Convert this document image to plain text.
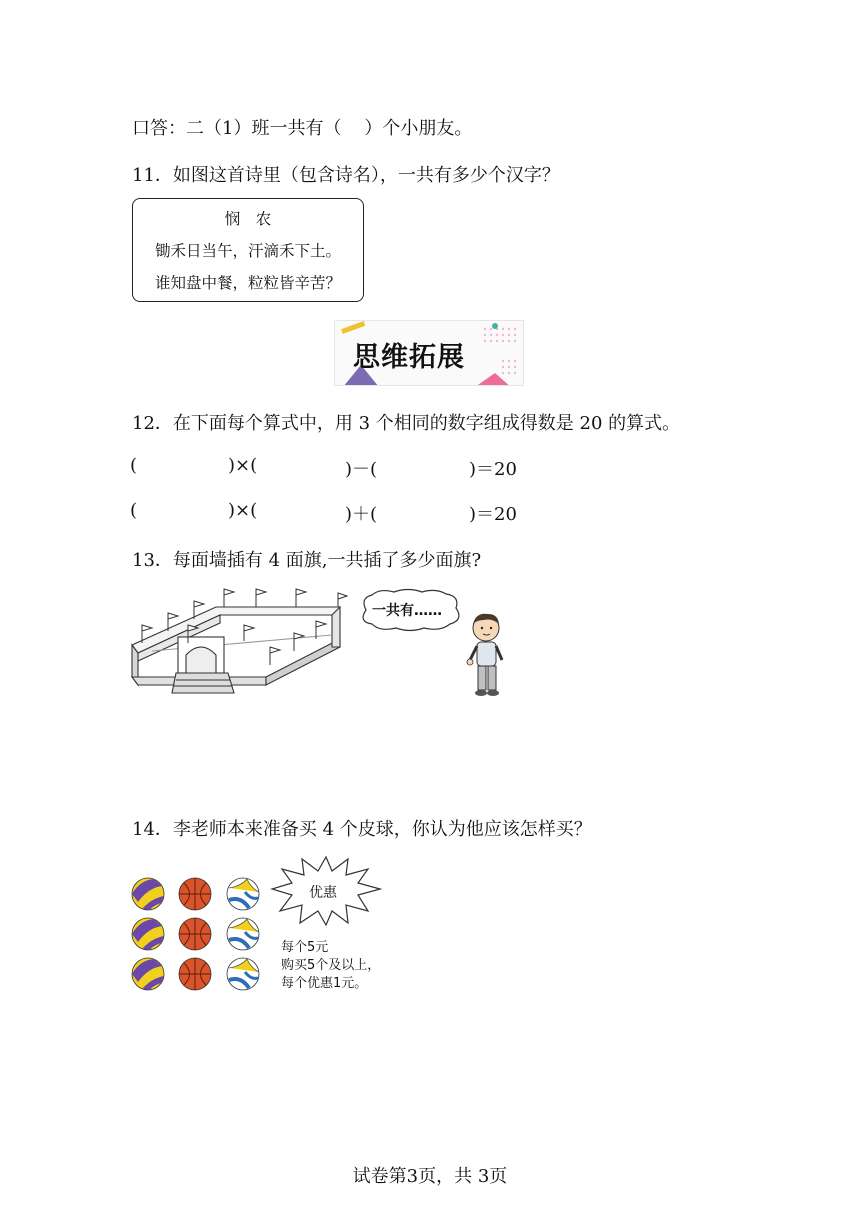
口答：二（1）班一共有（    ）个小朋友。
11．如图这首诗里（包含诗名），一共有多少个汉字？
悯　农
锄禾日当午，汗滴禾下土。
谁知盘中餐，粒粒皆辛苦？
思维拓展
12．在下面每个算式中，用 3 个相同的数字组成得数是 20 的算式。
(	)×(	)－(	)＝20
(	)×(	)＋(	)＝20
13．每面墙插有 4 面旗,一共插了多少面旗?
一共有……
14．李老师本来准备买 4 个皮球，你认为他应该怎样买？
优惠
每个5元
购买5个及以上，
每个优惠1元。
试卷第3页，共 3页
